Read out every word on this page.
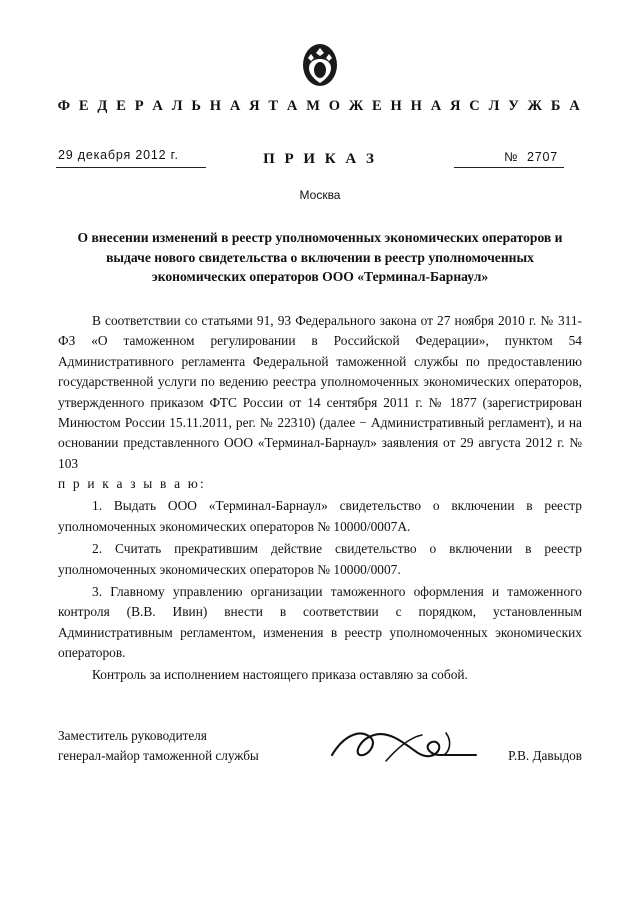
Ф Е Д Е Р А Л Ь Н А Я Т А М О Ж Е Н Н А Я С Л У Ж Б А
П Р И К А З
29 декабря 2012 г.	№ 2707
Москва
О внесении изменений в реестр уполномоченных экономических операторов и выдаче нового свидетельства о включении в реестр уполномоченных экономических операторов ООО «Терминал-Барнаул»

В соответствии со статьями 91, 93 Федерального закона от 27 ноября 2010 г. № 311-ФЗ «О таможенном регулировании в Российской Федерации», пунктом 54 Административного регламента Федеральной таможенной службы по предоставлению государственной услуги по ведению реестра уполномоченных экономических операторов, утвержденного приказом ФТС России от 14 сентября 2011 г. № 1877 (зарегистрирован Минюстом России 15.11.2011, рег. № 22310) (далее − Административный регламент), и на основании представленного ООО «Терминал-Барнаул» заявления от 29 августа 2012 г. № 103

п р и к а з ы в а ю:

1. Выдать ООО «Терминал-Барнаул» свидетельство о включении в реестр уполномоченных экономических операторов № 10000/0007А.

2. Считать прекратившим действие свидетельство о включении в реестр уполномоченных экономических операторов № 10000/0007.

3. Главному управлению организации таможенного оформления и таможенного контроля (В.В. Ивин) внести в соответствии с порядком, установленным Административным регламентом, изменения в реестр уполномоченных экономических операторов.

Контроль за исполнением настоящего приказа оставляю за собой.

Заместитель руководителя
генерал-майор таможенной службы	Р.В. Давыдов
